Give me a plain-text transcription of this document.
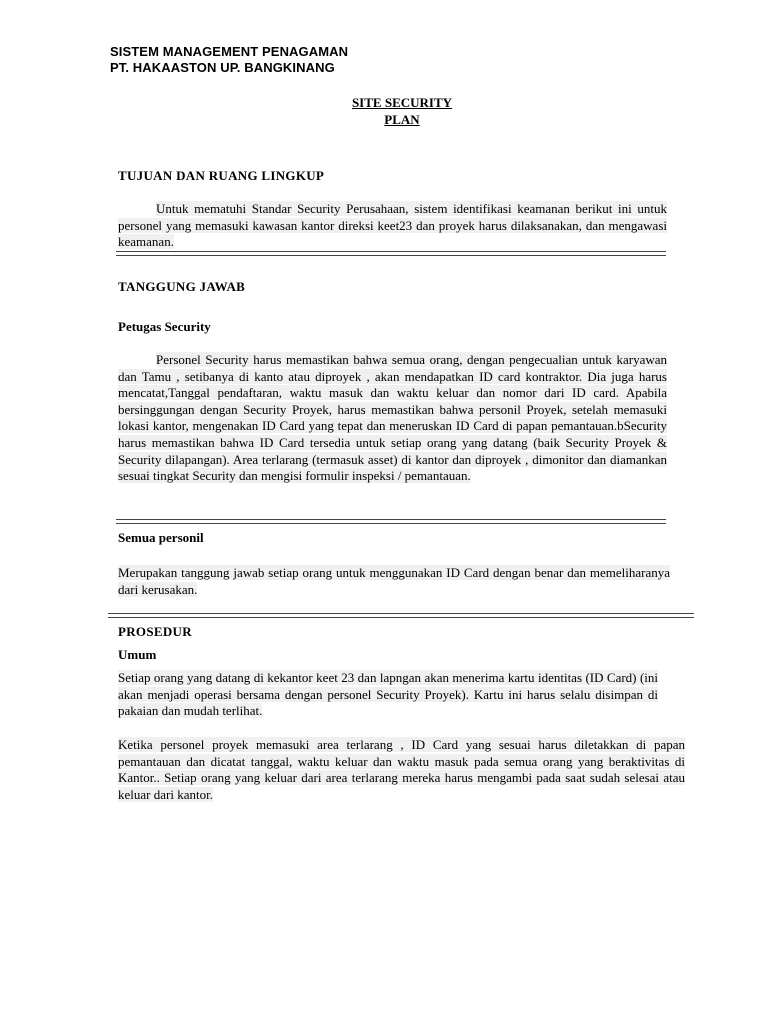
SISTEM MANAGEMENT PENAGAMAN
PT. HAKAASTON UP. BANGKINANG
SITE SECURITY
PLAN
TUJUAN DAN RUANG LINGKUP

Untuk mematuhi Standar Security Perusahaan, sistem identifikasi keamanan berikut ini untuk personel yang memasuki kawasan kantor direksi keet23 dan proyek harus dilaksanakan, dan mengawasi keamanan.

TANGGUNG JAWAB
Petugas Security

Personel Security harus memastikan bahwa semua orang, dengan pengecualian untuk karyawan dan Tamu , setibanya di kanto atau diproyek , akan mendapatkan ID card kontraktor. Dia juga harus mencatat,Tanggal pendaftaran, waktu masuk dan waktu keluar dan nomor dari ID card. Apabila bersinggungan dengan Security Proyek, harus memastikan bahwa personil Proyek, setelah memasuki lokasi kantor, mengenakan ID Card yang tepat dan meneruskan ID Card di papan pemantauan.bSecurity harus memastikan bahwa ID Card tersedia untuk setiap orang yang datang (baik Security Proyek & Security dilapangan). Area terlarang (termasuk asset) di kantor dan diproyek , dimonitor dan diamankan sesuai tingkat Security dan mengisi formulir inspeksi / pemantauan.

Semua personil

Merupakan tanggung jawab setiap orang untuk menggunakan ID Card dengan benar dan memeliharanya dari kerusakan.

PROSEDUR
Umum

Setiap orang yang datang di kekantor keet 23 dan lapngan akan menerima kartu identitas (ID Card) (ini akan menjadi operasi bersama dengan personel Security Proyek). Kartu ini harus selalu disimpan di pakaian dan mudah terlihat.

Ketika personel proyek memasuki area terlarang , ID Card yang sesuai harus diletakkan di papan pemantauan dan dicatat tanggal, waktu keluar dan waktu masuk pada semua orang yang beraktivitas di Kantor.. Setiap orang yang keluar dari area terlarang mereka harus mengambi pada saat sudah selesai atau keluar dari kantor.
